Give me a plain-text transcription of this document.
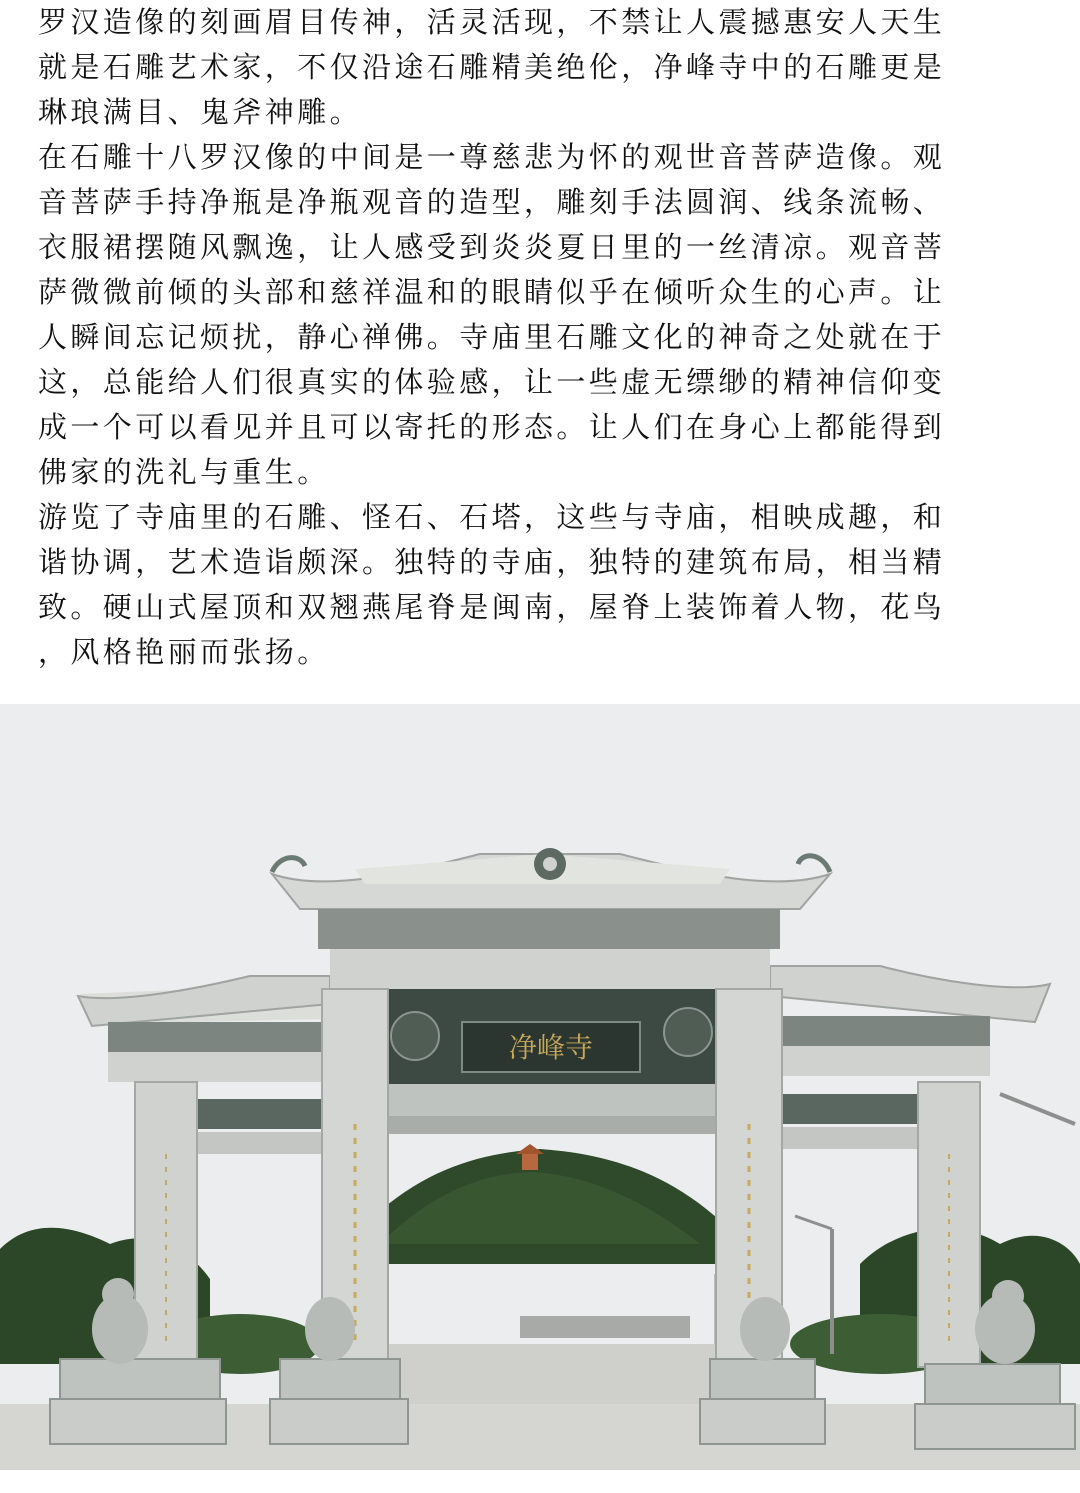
罗汉造像的刻画眉目传神，活灵活现，不禁让人震撼惠安人天生
就是石雕艺术家，不仅沿途石雕精美绝伦，净峰寺中的石雕更是
琳琅满目、鬼斧神雕。
在石雕十八罗汉像的中间是一尊慈悲为怀的观世音菩萨造像。观
音菩萨手持净瓶是净瓶观音的造型，雕刻手法圆润、线条流畅、
衣服裙摆随风飘逸，让人感受到炎炎夏日里的一丝清凉。观音菩
萨微微前倾的头部和慈祥温和的眼睛似乎在倾听众生的心声。让
人瞬间忘记烦扰，静心禅佛。寺庙里石雕文化的神奇之处就在于
这，总能给人们很真实的体验感，让一些虚无缥缈的精神信仰变
成一个可以看见并且可以寄托的形态。让人们在身心上都能得到
佛家的洗礼与重生。
游览了寺庙里的石雕、怪石、石塔，这些与寺庙，相映成趣，和
谐协调，艺术造诣颇深。独特的寺庙，独特的建筑布局，相当精
致。硬山式屋顶和双翘燕尾脊是闽南，屋脊上装饰着人物，花鸟
，风格艳丽而张扬。
净峰寺
